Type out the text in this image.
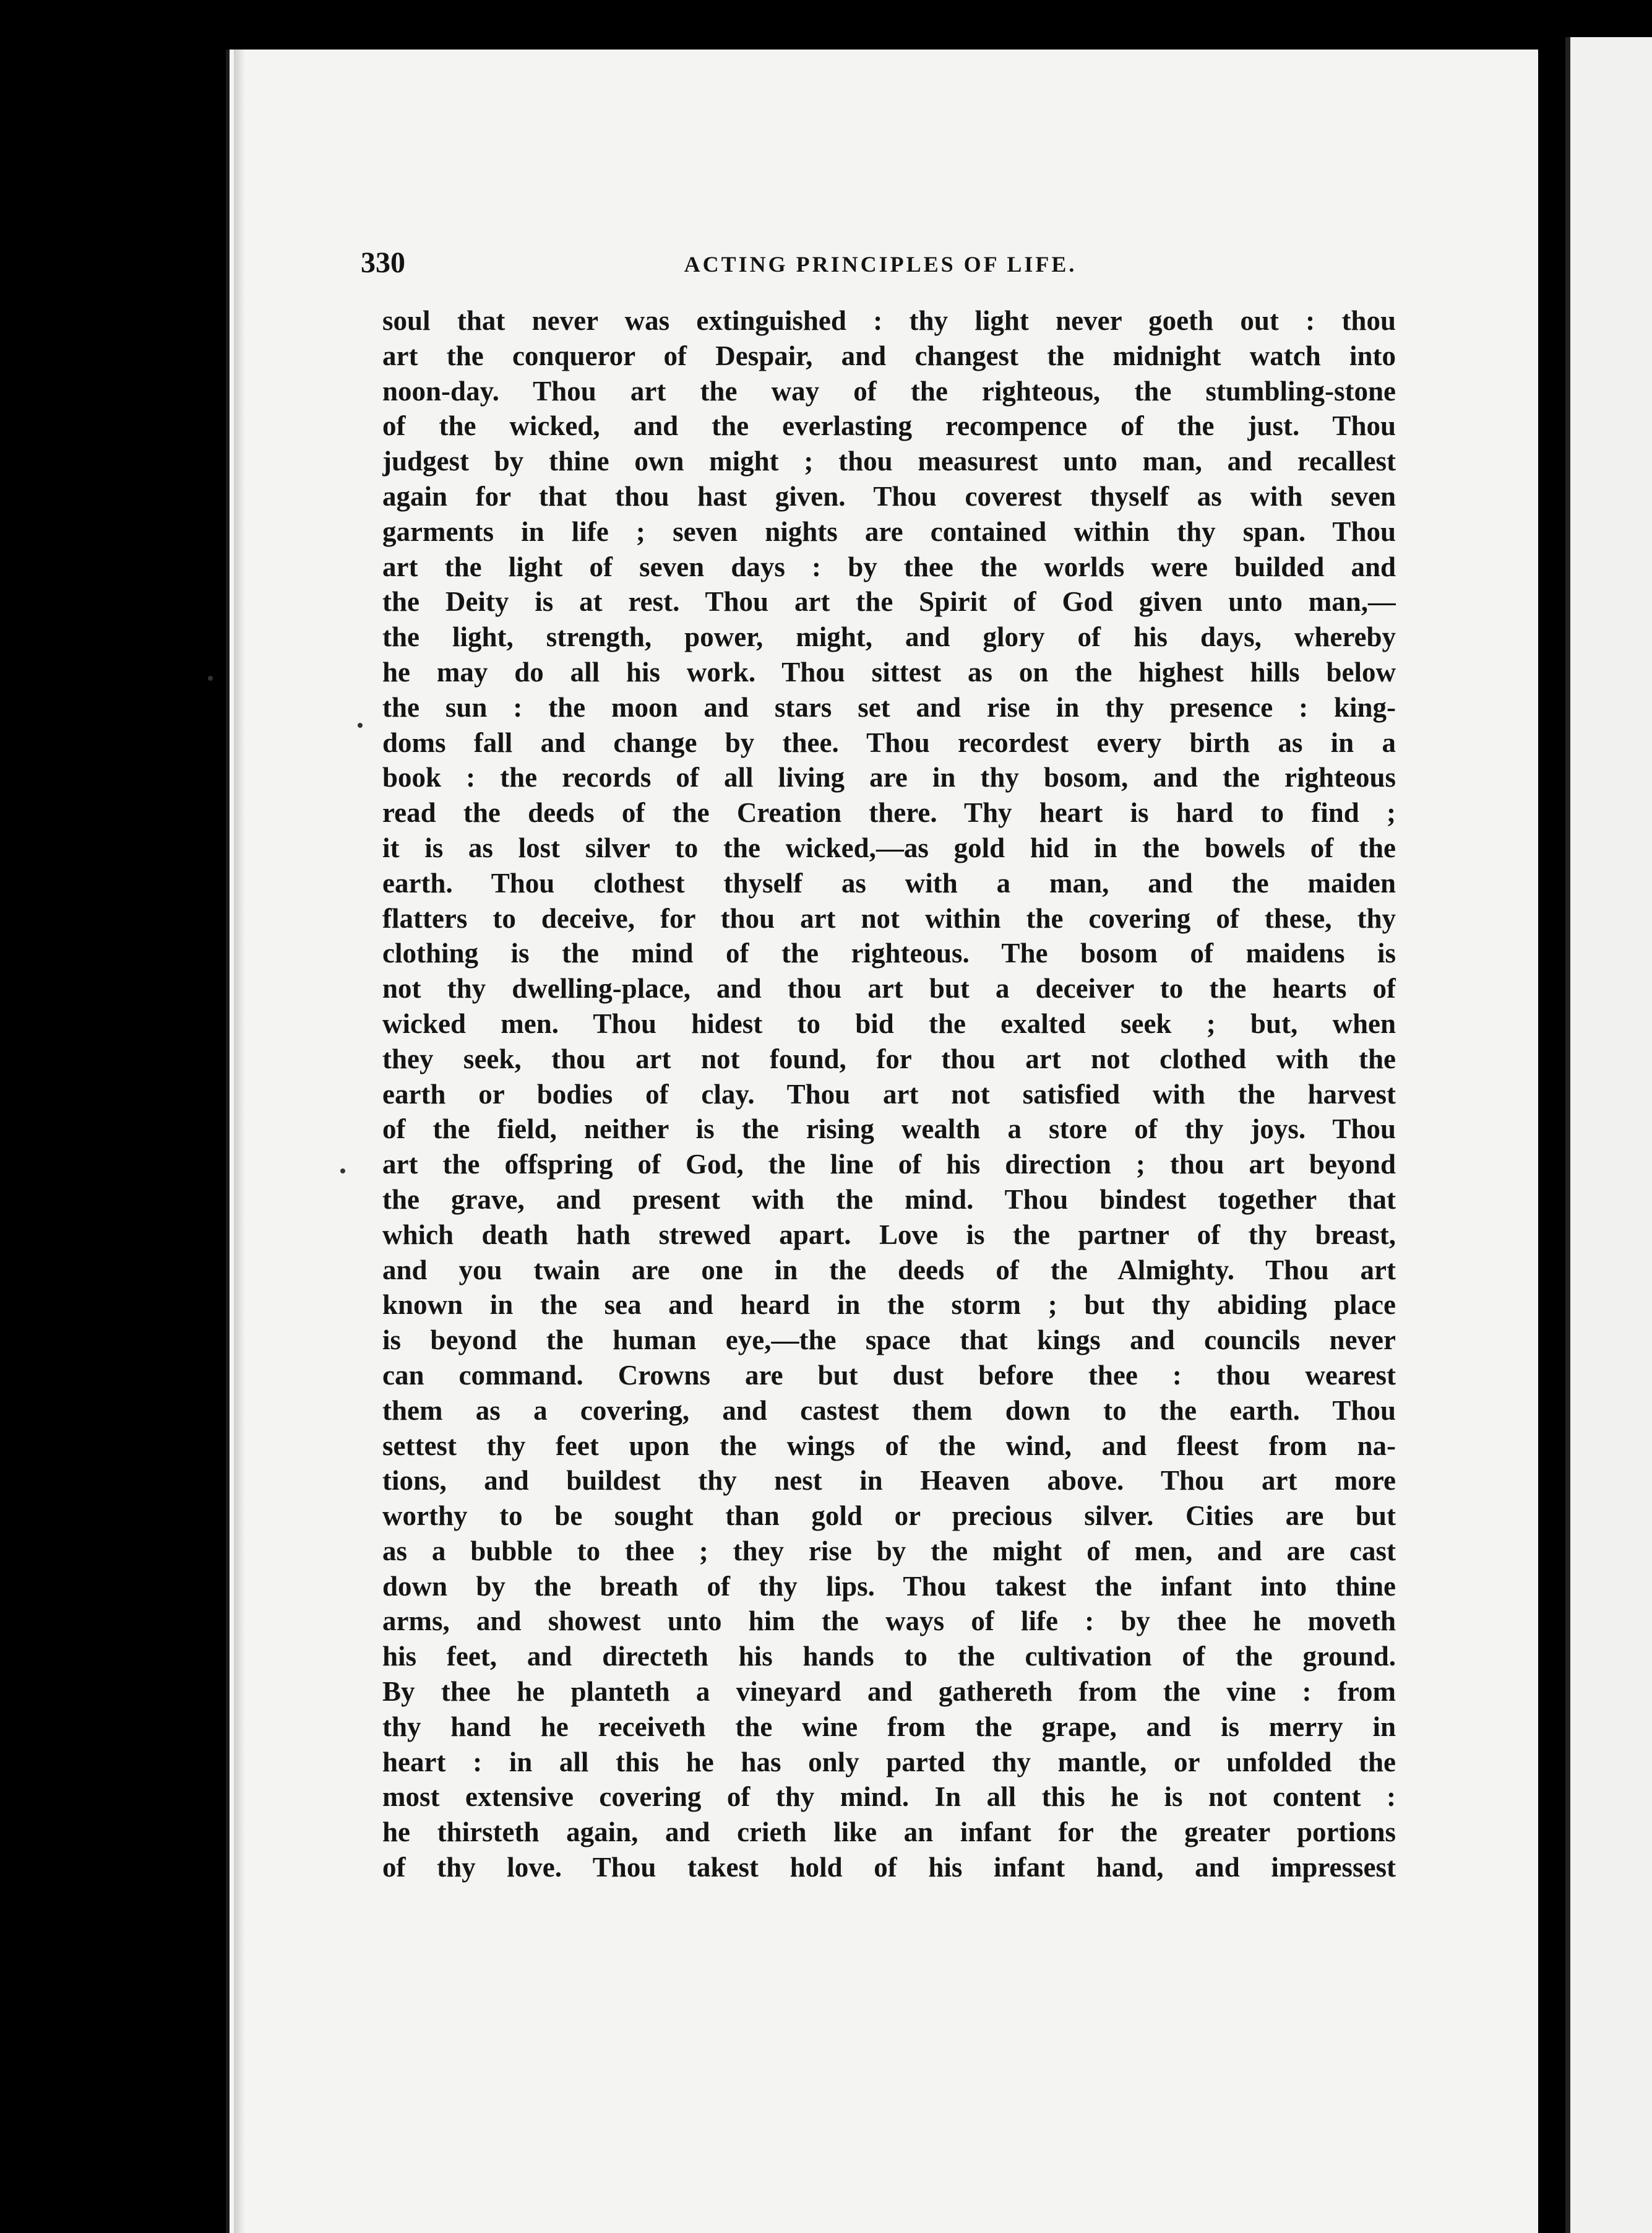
330	ACTING PRINCIPLES OF LIFE.
soul that never was extinguished : thy light never goeth out : thou
art the conqueror of Despair, and changest the midnight watch into
noon-day. Thou art the way of the righteous, the stumbling-stone
of the wicked, and the everlasting recompence of the just. Thou
judgest by thine own might ; thou measurest unto man, and recallest
again for that thou hast given. Thou coverest thyself as with seven
garments in life ; seven nights are contained within thy span. Thou
art the light of seven days : by thee the worlds were builded and
the Deity is at rest. Thou art the Spirit of God given unto man,—
the light, strength, power, might, and glory of his days, whereby
he may do all his work. Thou sittest as on the highest hills below
the sun : the moon and stars set and rise in thy presence : king-
doms fall and change by thee. Thou recordest every birth as in a
book : the records of all living are in thy bosom, and the righteous
read the deeds of the Creation there. Thy heart is hard to find ;
it is as lost silver to the wicked,—as gold hid in the bowels of the
earth. Thou clothest thyself as with a man, and the maiden
flatters to deceive, for thou art not within the covering of these, thy
clothing is the mind of the righteous. The bosom of maidens is
not thy dwelling-place, and thou art but a deceiver to the hearts of
wicked men. Thou hidest to bid the exalted seek ; but, when
they seek, thou art not found, for thou art not clothed with the
earth or bodies of clay. Thou art not satisfied with the harvest
of the field, neither is the rising wealth a store of thy joys. Thou
art the offspring of God, the line of his direction ; thou art beyond
the grave, and present with the mind. Thou bindest together that
which death hath strewed apart. Love is the partner of thy breast,
and you twain are one in the deeds of the Almighty. Thou art
known in the sea and heard in the storm ; but thy abiding place
is beyond the human eye,—the space that kings and councils never
can command. Crowns are but dust before thee : thou wearest
them as a covering, and castest them down to the earth. Thou
settest thy feet upon the wings of the wind, and fleest from na-
tions, and buildest thy nest in Heaven above. Thou art more
worthy to be sought than gold or precious silver. Cities are but
as a bubble to thee ; they rise by the might of men, and are cast
down by the breath of thy lips. Thou takest the infant into thine
arms, and showest unto him the ways of life : by thee he moveth
his feet, and directeth his hands to the cultivation of the ground.
By thee he planteth a vineyard and gathereth from the vine : from
thy hand he receiveth the wine from the grape, and is merry in
heart : in all this he has only parted thy mantle, or unfolded the
most extensive covering of thy mind. In all this he is not content :
he thirsteth again, and crieth like an infant for the greater portions
of thy love. Thou takest hold of his infant hand, and impressest
